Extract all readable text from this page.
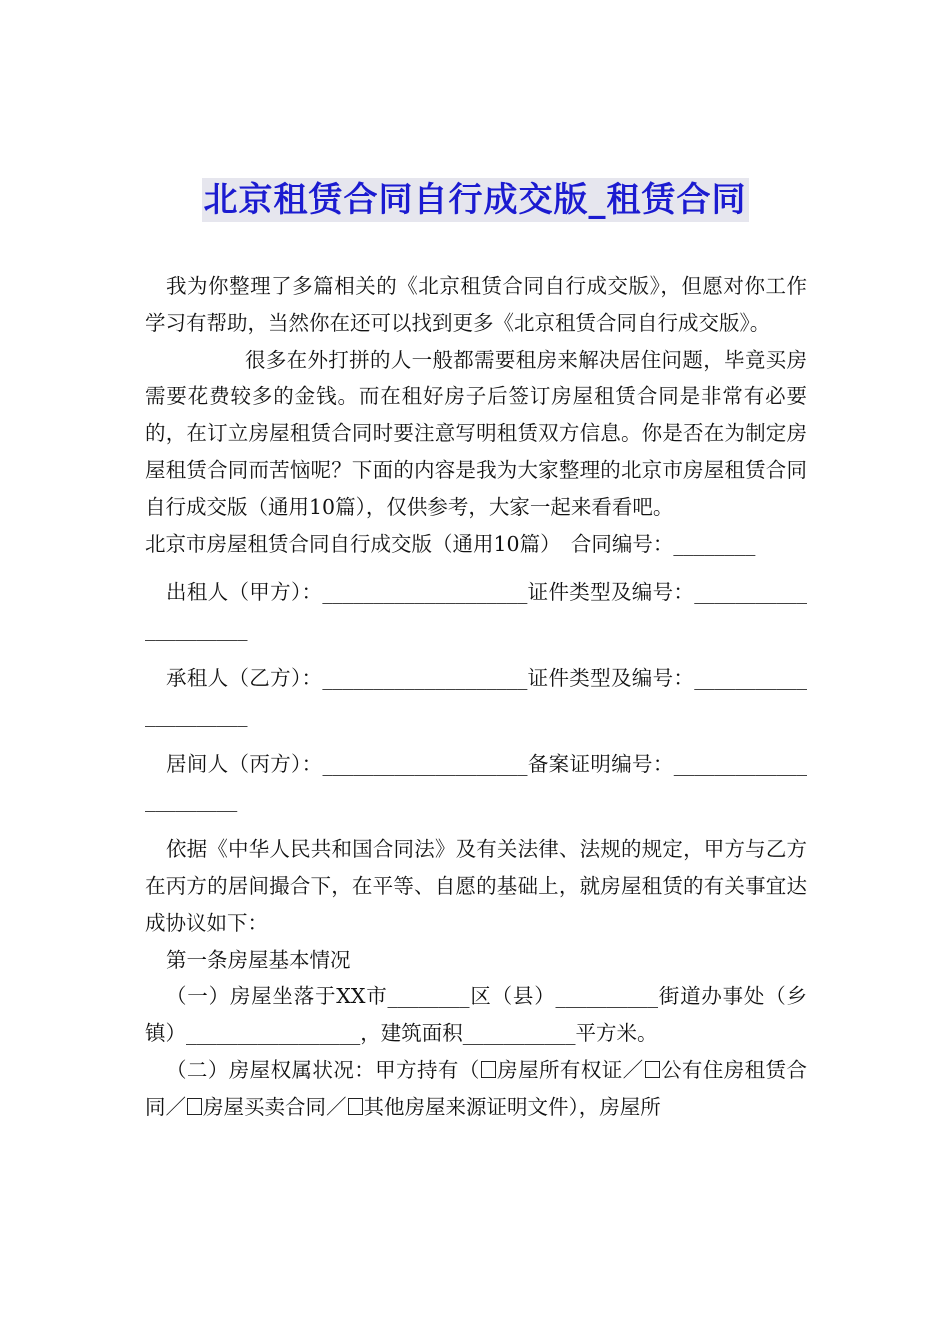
北京租赁合同自行成交版_租赁合同

我为你整理了多篇相关的《北京租赁合同自行成交版》，但愿对你工作学习有帮助，当然你在还可以找到更多《北京租赁合同自行成交版》。

很多在外打拼的人一般都需要租房来解决居住问题，毕竟买房需要花费较多的金钱。而在租好房子后签订房屋租赁合同是非常有必要的，在订立房屋租赁合同时要注意写明租赁双方信息。你是否在为制定房屋租赁合同而苦恼呢？下面的内容是我为大家整理的北京市房屋租赁合同自行成交版（通用10篇），仅供参考，大家一起来看看吧。

北京市房屋租赁合同自行成交版（通用10篇）　合同编号：________

出租人（甲方）：____________________证件类型及编号：_____________________

承租人（乙方）：____________________证件类型及编号：_____________________

居间人（丙方）：____________________备案证明编号：______________________

依据《中华人民共和国合同法》及有关法律、法规的规定，甲方与乙方在丙方的居间撮合下，在平等、自愿的基础上，就房屋租赁的有关事宜达成协议如下：

第一条房屋基本情况

（一）房屋坐落于XX市________区（县）__________街道办事处（乡镇）_________________，建筑面积___________平方米。

（二）房屋权属状况：甲方持有（ 房屋所有权证／ 公有住房租赁合同／ 房屋买卖合同／ 其他房屋来源证明文件），房屋所
